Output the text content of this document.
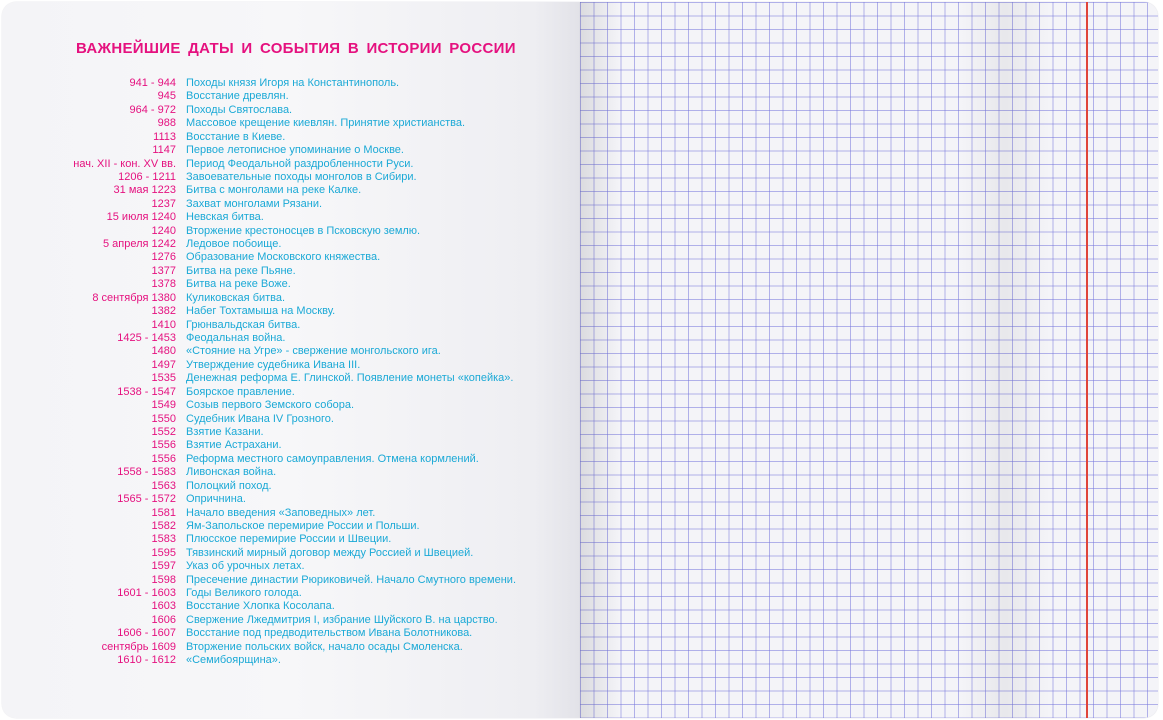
ВАЖНЕЙШИЕ ДАТЫ И СОБЫТИЯ В ИСТОРИИ РОССИИ
941 - 944 Походы князя Игоря на Константинополь.
945 Восстание древлян.
964 - 972 Походы Святослава.
988 Массовое крещение киевлян. Принятие христианства.
1113 Восстание в Киеве.
1147 Первое летописное упоминание о Москве.
нач. XII - кон. XV вв. Период Феодальной раздробленности Руси.
1206 - 1211 Завоевательные походы монголов в Сибири.
31 мая 1223 Битва с монголами на реке Калке.
1237 Захват монголами Рязани.
15 июля 1240 Невская битва.
1240 Вторжение крестоносцев в Псковскую землю.
5 апреля 1242 Ледовое побоище.
1276 Образование Московского княжества.
1377 Битва на реке Пьяне.
1378 Битва на реке Воже.
8 сентября 1380 Куликовская битва.
1382 Набег Тохтамыша на Москву.
1410 Грюнвальдская битва.
1425 - 1453 Феодальная война.
1480 «Стояние на Угре» - свержение монгольского ига.
1497 Утверждение судебника Ивана III.
1535 Денежная реформа Е. Глинской. Появление монеты «копейка».
1538 - 1547 Боярское правление.
1549 Созыв первого Земского собора.
1550 Судебник Ивана IV Грозного.
1552 Взятие Казани.
1556 Взятие Астрахани.
1556 Реформа местного самоуправления. Отмена кормлений.
1558 - 1583 Ливонская война.
1563 Полоцкий поход.
1565 - 1572 Опричнина.
1581 Начало введения «Заповедных» лет.
1582 Ям-Запольское перемирие России и Польши.
1583 Плюсское перемирие России и Швеции.
1595 Тявзинский мирный договор между Россией и Швецией.
1597 Указ об урочных летах.
1598 Пресечение династии Рюриковичей. Начало Смутного времени.
1601 - 1603 Годы Великого голода.
1603 Восстание Хлопка Косолапа.
1606 Свержение Лжедмитрия I, избрание Шуйского В. на царство.
1606 - 1607 Восстание под предводительством Ивана Болотникова.
сентябрь 1609 Вторжение польских войск, начало осады Смоленска.
1610 - 1612 «Семибоярщина».
